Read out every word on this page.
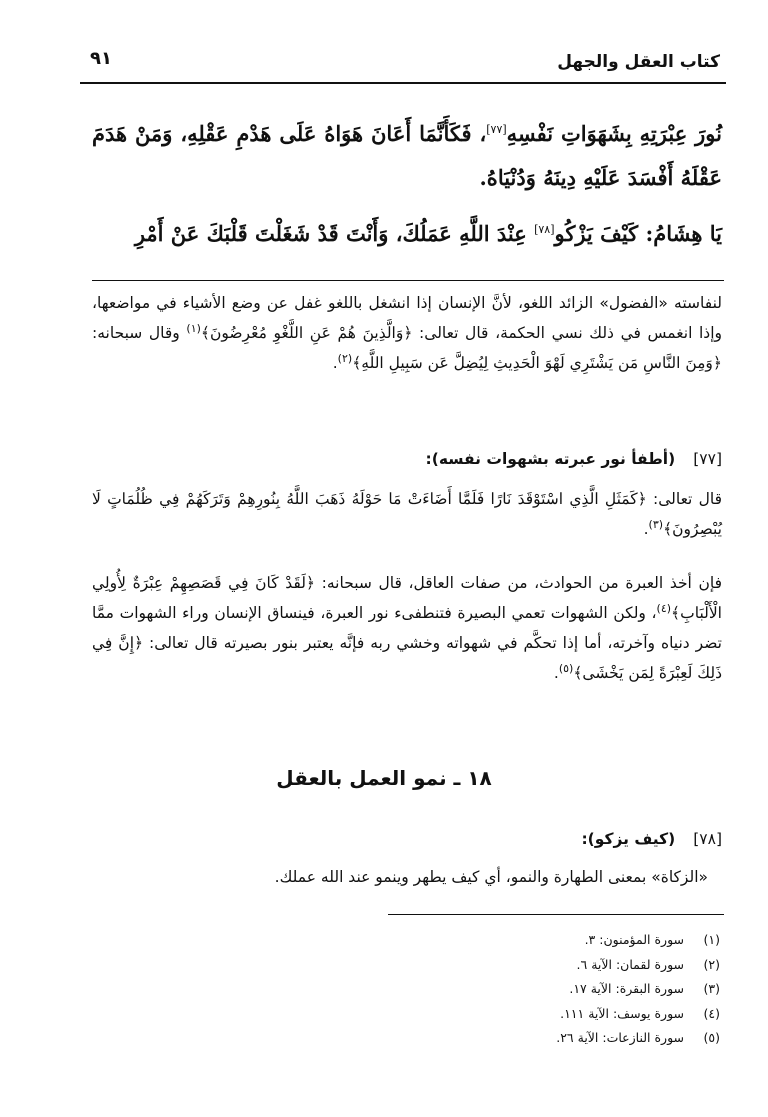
كتاب العقل والجهل
٩١

نُورَ عِبْرَتِهِ بِشَهَوَاتِ نَفْسِهِ[٧٧]، فَكَأَنَّمَا أَعَانَ هَوَاهُ عَلَى هَدْمِ عَقْلِهِ، وَمَنْ هَدَمَ عَقْلَهُ أَفْسَدَ عَلَيْهِ دِينَهُ وَدُنْيَاهُ.

يَا هِشَامُ: كَيْفَ يَزْكُو[٧٨] عِنْدَ اللَّهِ عَمَلُكَ، وَأَنْتَ قَدْ شَغَلْتَ قَلْبَكَ عَنْ أَمْرِ

لنفاسته «الفضول» الزائد اللغو، لأنَّ الإنسان إذا انشغل باللغو غفل عن وضع الأشياء في مواضعها، وإذا انغمس في ذلك نسي الحكمة، قال تعالى: ﴿وَالَّذِينَ هُمْ عَنِ اللَّغْوِ مُعْرِضُونَ﴾$^{(١)}$ وقال سبحانه: ﴿وَمِنَ النَّاسِ مَن يَشْتَرِي لَهْوَ الْحَدِيثِ لِيُضِلَّ عَن سَبِيلِ اللَّهِ﴾$^{(٢)}$.
[٧٧](أطفأ نور عبرته بشهوات نفسه):
قال تعالى: ﴿كَمَثَلِ الَّذِي اسْتَوْقَدَ نَارًا فَلَمَّا أَضَاءَتْ مَا حَوْلَهُ ذَهَبَ اللَّهُ بِنُورِهِمْ وَتَرَكَهُمْ فِي ظُلُمَاتٍ لَا يُبْصِرُونَ﴾$^{(٣)}$.
فإن أخذ العبرة من الحوادث، من صفات العاقل، قال سبحانه: ﴿لَقَدْ كَانَ فِي قَصَصِهِمْ عِبْرَةٌ لِأُولِي الْأَلْبَابِ﴾$^{(٤)}$، ولكن الشهوات تعمي البصيرة فتنطفىء نور العبرة، فينساق الإنسان وراء الشهوات ممَّا تضر دنياه وآخرته، أما إذا تحكَّم في شهواته وخشي ربه فإنَّه يعتبر بنور بصيرته قال تعالى: ﴿إِنَّ فِي ذَلِكَ لَعِبْرَةً لِمَن يَخْشَى﴾$^{(٥)}$.
١٨ ـ نمو العمل بالعقل
[٧٨](كيف يزكو):
«الزكاة» بمعنى الطهارة والنمو، أي كيف يطهر وينمو عند الله عملك.
(١) سورة المؤمنون: ٣.
(٢) سورة لقمان: الآية ٦.
(٣) سورة البقرة: الآية ١٧.
(٤) سورة يوسف: الآية ١١١.
(٥) سورة النازعات: الآية ٢٦.
